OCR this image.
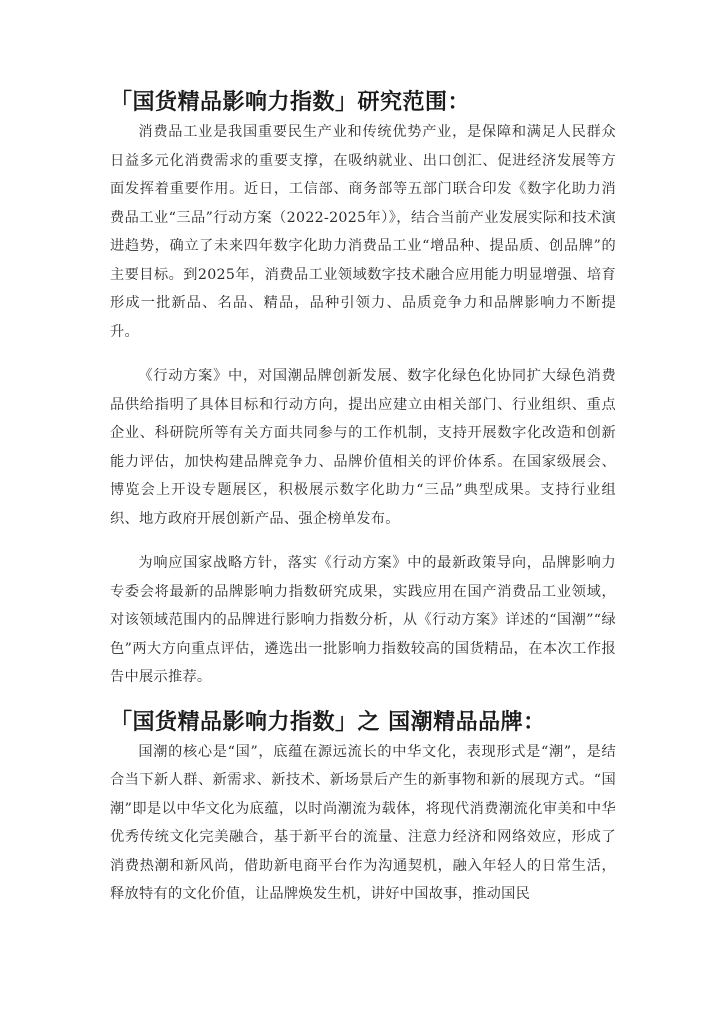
「国货精品影响力指数」研究范围：

消费品工业是我国重要民生产业和传统优势产业，是保障和满足人民群众日益多元化消费需求的重要支撑，在吸纳就业、出口创汇、促进经济发展等方面发挥着重要作用。近日，工信部、商务部等五部门联合印发《数字化助力消费品工业“三品”行动方案（2022-2025年）》，结合当前产业发展实际和技术演进趋势，确立了未来四年数字化助力消费品工业“增品种、提品质、创品牌”的主要目标。到2025年，消费品工业领域数字技术融合应用能力明显增强、培育形成一批新品、名品、精品，品种引领力、品质竞争力和品牌影响力不断提升。

《行动方案》中，对国潮品牌创新发展、数字化绿色化协同扩大绿色消费品供给指明了具体目标和行动方向，提出应建立由相关部门、行业组织、重点企业、科研院所等有关方面共同参与的工作机制，支持开展数字化改造和创新能力评估，加快构建品牌竞争力、品牌价值相关的评价体系。在国家级展会、博览会上开设专题展区，积极展示数字化助力“三品”典型成果。支持行业组织、地方政府开展创新产品、强企榜单发布。

为响应国家战略方针，落实《行动方案》中的最新政策导向，品牌影响力专委会将最新的品牌影响力指数研究成果，实践应用在国产消费品工业领域，对该领域范围内的品牌进行影响力指数分析，从《行动方案》详述的“国潮”“绿色”两大方向重点评估，遴选出一批影响力指数较高的国货精品，在本次工作报告中展示推荐。

「国货精品影响力指数」之 国潮精品品牌：

国潮的核心是“国”，底蕴在源远流长的中华文化，表现形式是“潮”，是结合当下新人群、新需求、新技术、新场景后产生的新事物和新的展现方式。“国潮”即是以中华文化为底蕴，以时尚潮流为载体，将现代消费潮流化审美和中华优秀传统文化完美融合，基于新平台的流量、注意力经济和网络效应，形成了消费热潮和新风尚，借助新电商平台作为沟通契机，融入年轻人的日常生活，释放特有的文化价值，让品牌焕发生机，讲好中国故事，推动国民
